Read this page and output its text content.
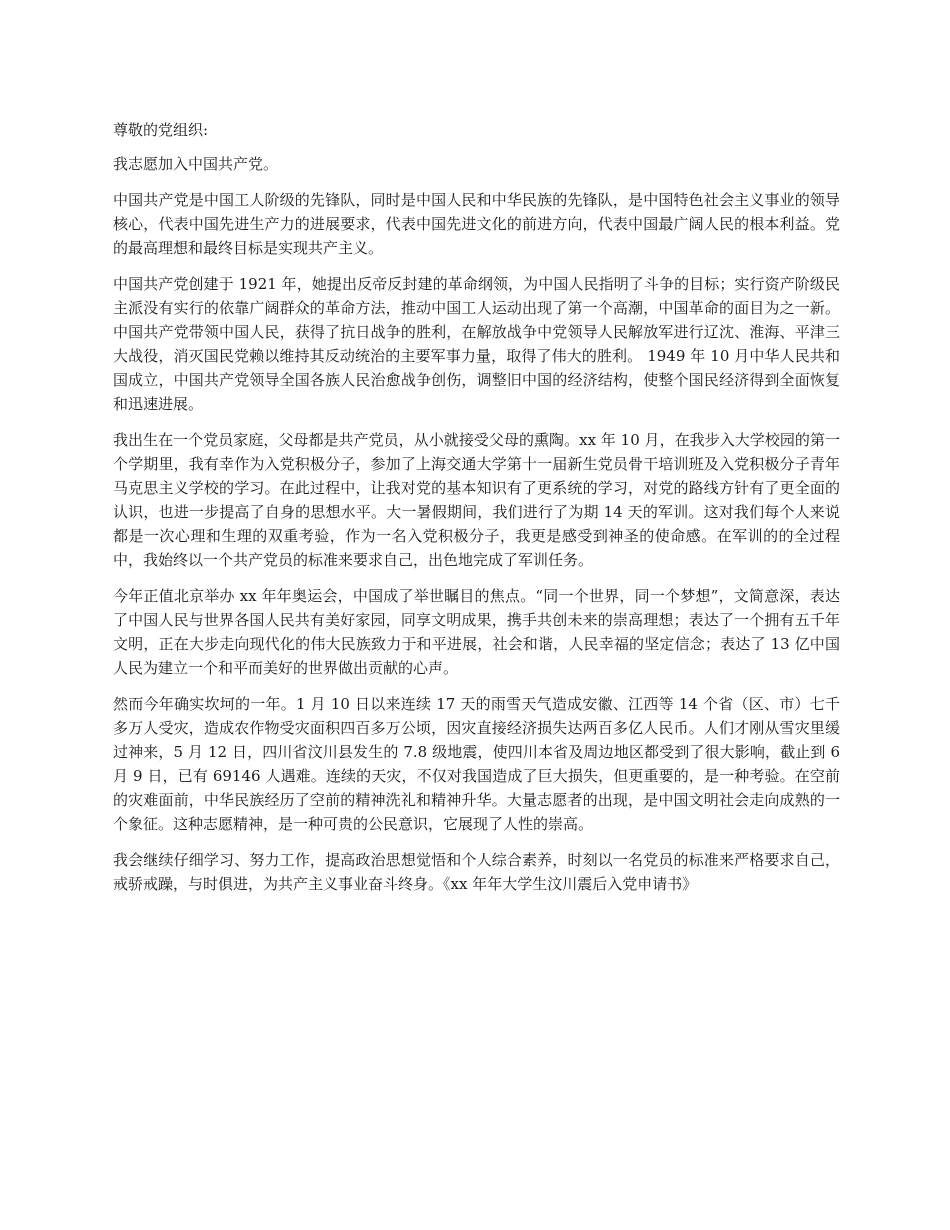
尊敬的党组织:

我志愿加入中国共产党。

中国共产党是中国工人阶级的先锋队，同时是中国人民和中华民族的先锋队，是中国特色社会主义事业的领导核心，代表中国先进生产力的进展要求，代表中国先进文化的前进方向，代表中国最广阔人民的根本利益。党的最高理想和最终目标是实现共产主义。

中国共产党创建于 1921 年，她提出反帝反封建的革命纲领，为中国人民指明了斗争的目标；实行资产阶级民主派没有实行的依靠广阔群众的革命方法，推动中国工人运动出现了第一个高潮，中国革命的面目为之一新。中国共产党带领中国人民，获得了抗日战争的胜利，在解放战争中党领导人民解放军进行辽沈、淮海、平津三大战役，消灭国民党赖以维持其反动统治的主要军事力量，取得了伟大的胜利。 1949 年 10 月中华人民共和国成立，中国共产党领导全国各族人民治愈战争创伤，调整旧中国的经济结构，使整个国民经济得到全面恢复和迅速进展。

我出生在一个党员家庭，父母都是共产党员，从小就接受父母的熏陶。xx 年 10 月，在我步入大学校园的第一个学期里，我有幸作为入党积极分子，参加了上海交通大学第十一届新生党员骨干培训班及入党积极分子青年马克思主义学校的学习。在此过程中，让我对党的基本知识有了更系统的学习，对党的路线方针有了更全面的认识，也进一步提高了自身的思想水平。大一暑假期间，我们进行了为期 14 天的军训。这对我们每个人来说都是一次心理和生理的双重考验，作为一名入党积极分子，我更是感受到神圣的使命感。在军训的的全过程中，我始终以一个共产党员的标准来要求自己，出色地完成了军训任务。

今年正值北京举办 xx 年年奥运会，中国成了举世瞩目的焦点。“同一个世界，同一个梦想”，文简意深，表达了中国人民与世界各国人民共有美好家园，同享文明成果，携手共创未来的崇高理想；表达了一个拥有五千年文明，正在大步走向现代化的伟大民族致力于和平进展，社会和谐，人民幸福的坚定信念；表达了 13 亿中国人民为建立一个和平而美好的世界做出贡献的心声。

然而今年确实坎坷的一年。1 月 10 日以来连续 17 天的雨雪天气造成安徽、江西等 14 个省（区、市）七千多万人受灾，造成农作物受灾面积四百多万公顷，因灾直接经济损失达两百多亿人民币。人们才刚从雪灾里缓过神来，5 月 12 日，四川省汶川县发生的 7.8 级地震，使四川本省及周边地区都受到了很大影响，截止到 6 月 9 日，已有 69146 人遇难。连续的天灾，不仅对我国造成了巨大损失，但更重要的，是一种考验。在空前的灾难面前，中华民族经历了空前的精神洗礼和精神升华。大量志愿者的出现，是中国文明社会走向成熟的一个象征。这种志愿精神，是一种可贵的公民意识，它展现了人性的崇高。

我会继续仔细学习、努力工作，提高政治思想觉悟和个人综合素养，时刻以一名党员的标准来严格要求自己，戒骄戒躁，与时俱进，为共产主义事业奋斗终身。《xx 年年大学生汶川震后入党申请书》
